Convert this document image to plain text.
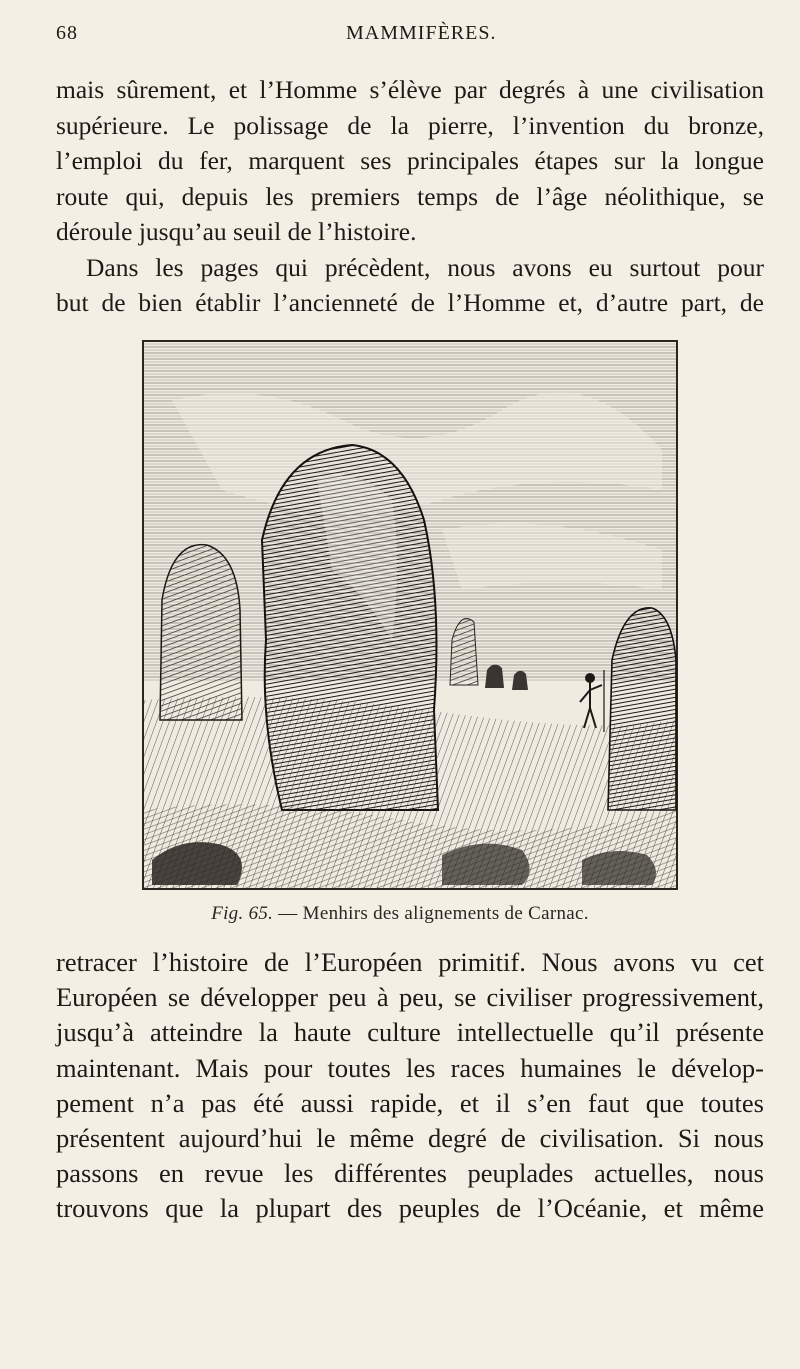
68	MAMMIFÈRES.
mais sûrement, et l’Homme s’élève par degrés à une civilisation
supérieure. Le polissage de la pierre, l’invention du bronze,
l’emploi du fer, marquent ses principales étapes sur la longue
route qui, depuis les premiers temps de l’âge néolithique, se
déroule jusqu’au seuil de l’histoire.
Dans les pages qui précèdent, nous avons eu surtout pour
but de bien établir l’ancienneté de l’Homme et, d’autre part, de
Fig. 65. — Menhirs des alignements de Carnac.
retracer l’histoire de l’Européen primitif. Nous avons vu cet
Européen se développer peu à peu, se civiliser progressivement,
jusqu’à atteindre la haute culture intellectuelle qu’il présente
maintenant. Mais pour toutes les races humaines le dévelop-
pement n’a pas été aussi rapide, et il s’en faut que toutes
présentent aujourd’hui le même degré de civilisation. Si nous
passons en revue les différentes peuplades actuelles, nous
trouvons que la plupart des peuples de l’Océanie, et même
